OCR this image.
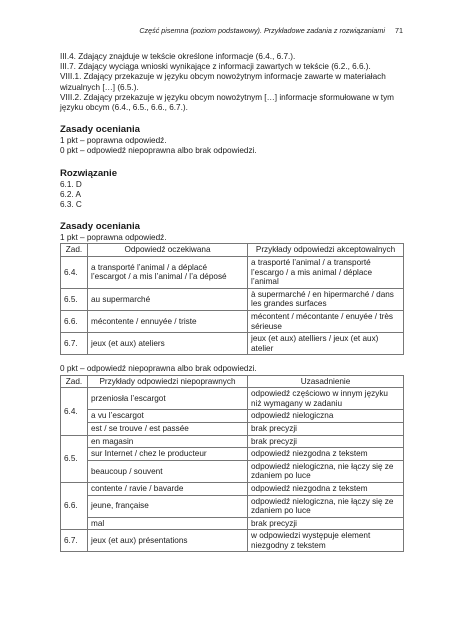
Część pisemna (poziom podstawowy). Przykładowe zadania z rozwiązaniami 71

III.4. Zdający znajduje w tekście określone informacje (6.4., 6.7.).

III.7. Zdający wyciąga wnioski wynikające z informacji zawartych w tekście (6.2., 6.6.).

VIII.1. Zdający przekazuje w języku obcym nowożytnym informacje zawarte w materiałach wizualnych […] (6.5.).

VIII.2. Zdający przekazuje w języku obcym nowożytnym […] informacje sformułowane w tym języku obcym (6.4., 6.5., 6.6., 6.7.).

Zasady oceniania

1 pkt – poprawna odpowiedź.

0 pkt – odpowiedź niepoprawna albo brak odpowiedzi.

Rozwiązanie

6.1. D

6.2. A

6.3. C

Zasady oceniania

1 pkt – poprawna odpowiedź.

Zad.	Odpowiedź oczekiwana	Przykłady odpowiedzi akceptowalnych
6.4.	a transporté l’animal / a déplacé l’escargot / a mis l’animal / l’a déposé	a trasporté l’animal / a transporté l’escargo / a mis animal / déplace l’animal
6.5.	au supermarché	à supermarché / en hipermarché / dans les grandes surfaces
6.6.	mécontente / ennuyée / triste	mécontent / mécontante / enuyée / très sérieuse
6.7.	jeux (et aux) ateliers	jeux (et aux) atelliers / jeux (et aux) atelier

0 pkt – odpowiedź niepoprawna albo brak odpowiedzi.

Zad.	Przykłady odpowiedzi niepoprawnych	Uzasadnienie
6.4.	przeniosła l’escargot	odpowiedź częściowo w innym języku niż wymagany w zadaniu
	a vu l’escargot	odpowiedź nielogiczna
	est / se trouve / est passée	brak precyzji
6.5.	en magasin	brak precyzji
	sur Internet / chez le producteur	odpowiedź niezgodna z tekstem
	beaucoup / souvent	odpowiedź nielogiczna, nie łączy się ze zdaniem po luce
6.6.	contente / ravie / bavarde	odpowiedź niezgodna z tekstem
	jeune, française	odpowiedź nielogiczna, nie łączy się ze zdaniem po luce
	mal	brak precyzji
6.7.	jeux (et aux) présentations	w odpowiedzi występuje element niezgodny z tekstem
